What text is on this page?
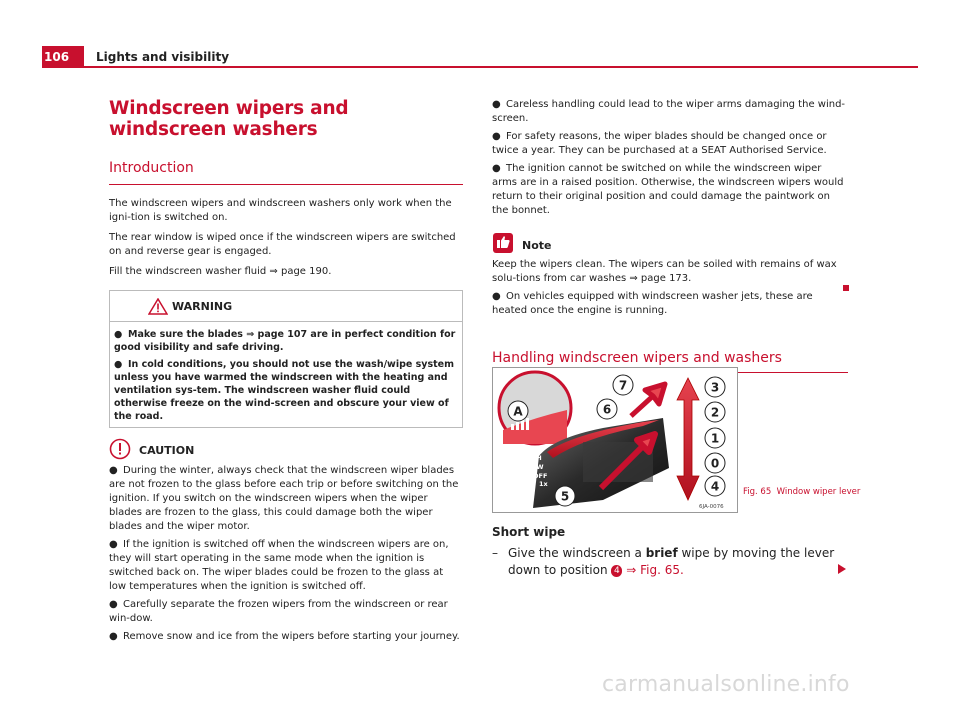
106	Lights and visibility
Windscreen wipers and windscreen washers
Introduction

The windscreen wipers and windscreen washers only work when the igni-tion is switched on.

The rear window is wiped once if the windscreen wipers are switched on and reverse gear is engaged.

Fill the windscreen washer fluid ⇒ page 190.

WARNING

● Make sure the blades ⇒ page 107 are in perfect condition for good visibility and safe driving.

● In cold conditions, you should not use the wash/wipe system unless you have warmed the windscreen with the heating and ventilation sys-tem. The windscreen washer fluid could otherwise freeze on the wind-screen and obscure your view of the road.

CAUTION

● During the winter, always check that the windscreen wiper blades are not frozen to the glass before each trip or before switching on the ignition. If you switch on the windscreen wipers when the wiper blades are frozen to the glass, this could damage both the wiper blades and the wiper motor.

● If the ignition is switched off when the windscreen wipers are on, they will start operating in the same mode when the ignition is switched back on. The wiper blades could be frozen to the glass at low temperatures when the ignition is switched off.

● Carefully separate the frozen wipers from the windscreen or rear win-dow.

● Remove snow and ice from the wipers before starting your journey.

● Careless handling could lead to the wiper arms damaging the wind-screen.

● For safety reasons, the wiper blades should be changed once or twice a year. They can be purchased at a SEAT Authorised Service.

● The ignition cannot be switched on while the windscreen wiper arms are in a raised position. Otherwise, the windscreen wipers would return to their original position and could damage the paintwork on the bonnet.

Note

Keep the wipers clean. The wipers can be soiled with remains of wax solu-tions from car washes ⇒ page 173.

● On vehicles equipped with windscreen washer jets, these are heated once the engine is running.

Handling windscreen wipers and washers
HIGH
LOW
OFF
1x
A
7
6
3
2
1
0
4
5
6JA-0076
Fig. 65 Window wiper lever
Short wipe
– Give the windscreen a brief wipe by moving the lever down to position 4 ⇒ Fig. 65.
carmanualsonline.info
